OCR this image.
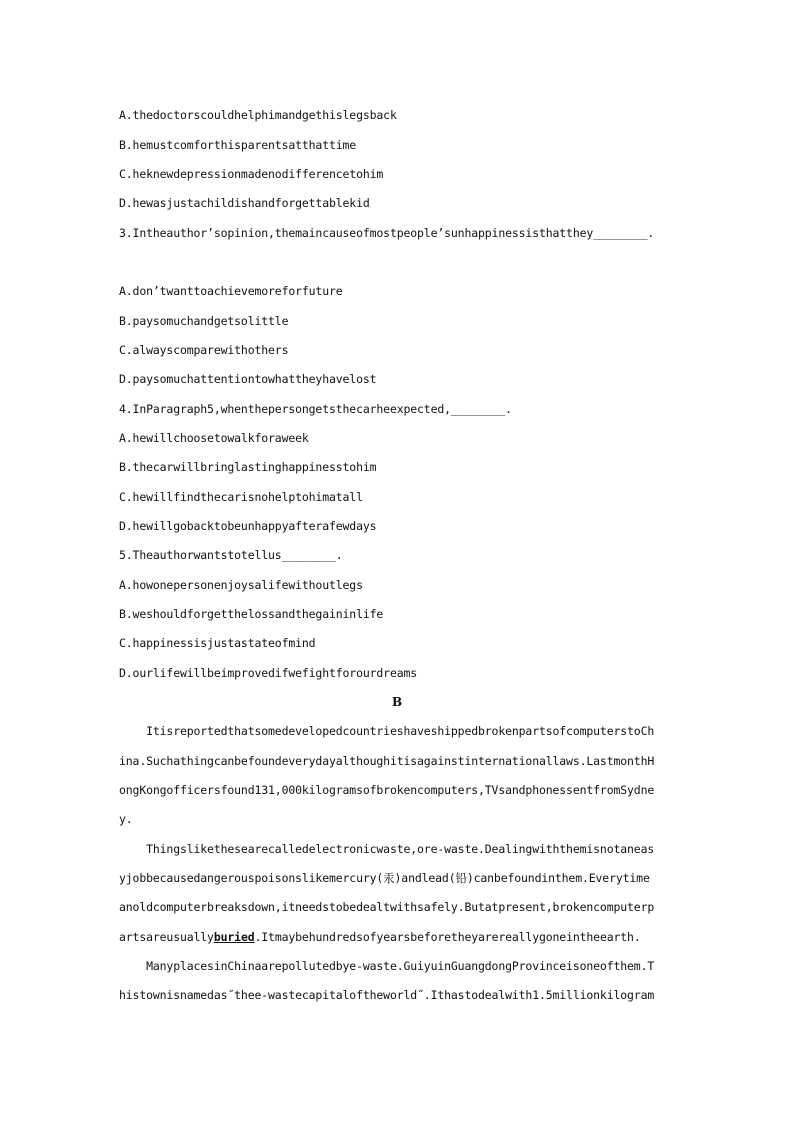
A.thedoctorscouldhelphimandgethislegsback
B.hemustcomforthisparentsatthattime
C.heknewdepressionmadenodifferencetohim
D.hewasjustachildishandforgettablekid
3.Intheauthor’sopinion,themaincauseofmostpeople’sunhappinessisthatthey________.
A.don’twanttoachievemoreforfuture
B.paysomuchandgetsolittle
C.alwayscomparewithothers
D.paysomuchattentiontowhattheyhavelost
4.InParagraph5,whenthepersongetsthecarheexpected,________.
A.hewillchoosetowalkforaweek
B.thecarwillbringlastinghappinesstohim
C.hewillfindthecarisnohelptohimatall
D.hewillgobacktobeunhappyafterafewdays
5.Theauthorwantstotellus________.
A.howonepersonenjoysalifewithoutlegs
B.weshouldforgetthelossandthegaininlife
C.happinessisjustastateofmind
D.ourlifewillbeimprovedifwefightforourdreams
B
ItisreportedthatsomedevelopedcountrieshaveshippedbrokenpartsofcomputerstoCh
ina.Suchathingcanbefoundeverydayalthoughitisagainstinternationallaws.LastmonthH
ongKongofficersfound131,000kilogramsofbrokencomputers,TVsandphonessentfromSydne
y.
Thingslikethesearecalledelectronicwaste,ore-waste.Dealingwiththemisnotaneas
yjobbecausedangerouspoisonslikemercury(汞)andlead(铅)canbefoundinthem.Everytime
anoldcomputerbreaksdown,itneedstobedealtwithsafely.Butatpresent,brokencomputerp
artsareusuallyburied.Itmaybehundredsofyearsbeforetheyarereallygoneintheearth.
ManyplacesinChinaarepollutedbye-waste.GuiyuinGuangdongProvinceisoneofthem.T
histownisnamedas˝thee-wastecapitaloftheworld˝.Ithastodealwith1.5millionkilogram
